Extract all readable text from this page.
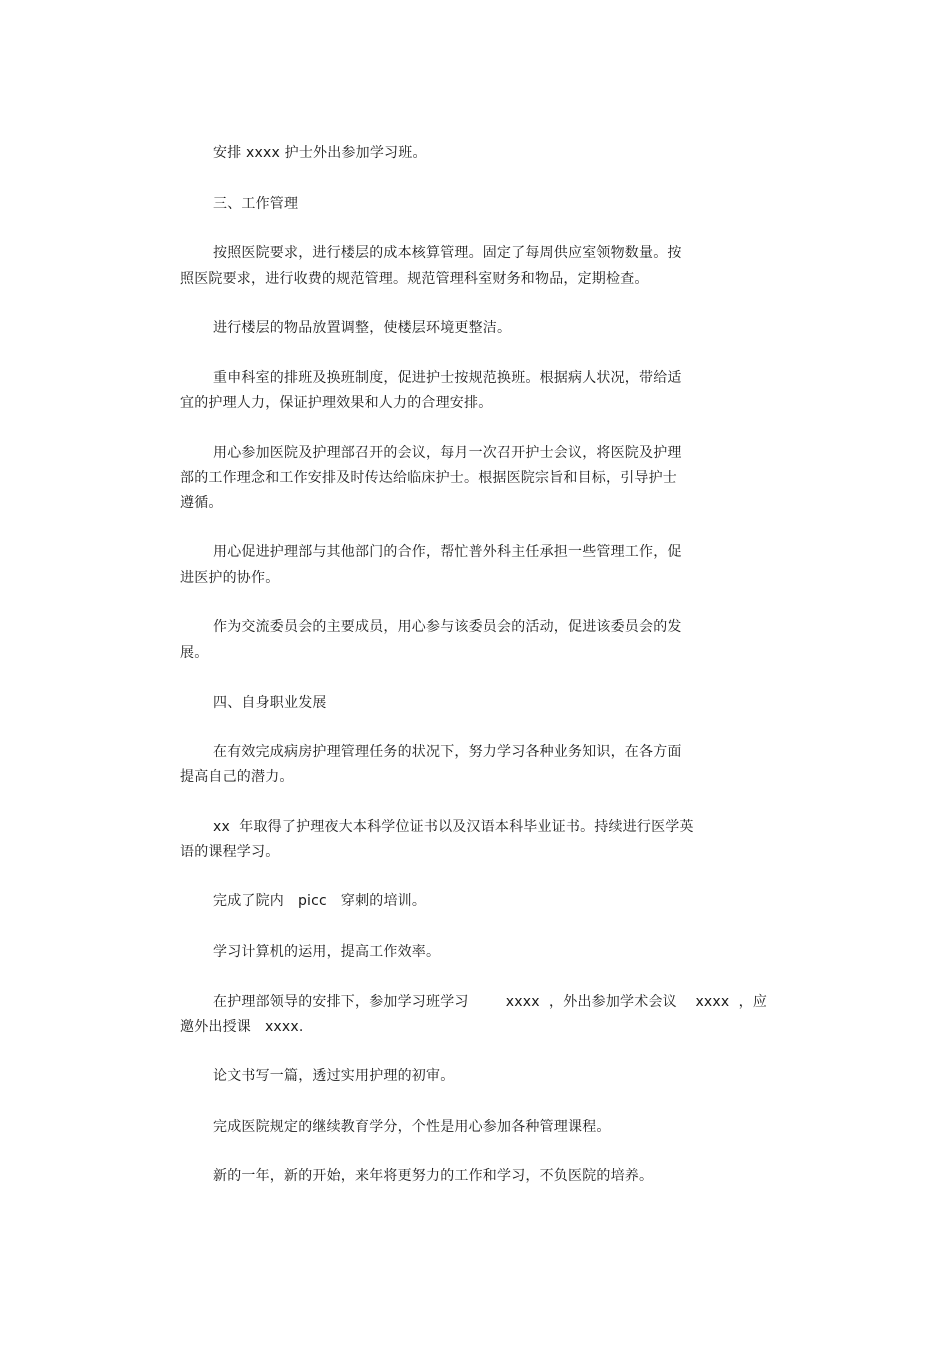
安排 xxxx 护士外出参加学习班。
三、工作管理
按照医院要求，进行楼层的成本核算管理。固定了每周供应室领物数量。按
照医院要求，进行收费的规范管理。规范管理科室财务和物品，定期检查。
进行楼层的物品放置调整，使楼层环境更整洁。
重申科室的排班及换班制度，促进护士按规范换班。根据病人状况，带给适
宜的护理人力，保证护理效果和人力的合理安排。
用心参加医院及护理部召开的会议，每月一次召开护士会议，将医院及护理
部的工作理念和工作安排及时传达给临床护士。根据医院宗旨和目标，引导护士
遵循。
用心促进护理部与其他部门的合作，帮忙普外科主任承担一些管理工作，促
进医护的协作。
作为交流委员会的主要成员，用心参与该委员会的活动，促进该委员会的发
展。
四、自身职业发展
在有效完成病房护理管理任务的状况下，努力学习各种业务知识，在各方面
提高自己的潜力。
xx  年取得了护理夜大本科学位证书以及汉语本科毕业证书。持续进行医学英
语的课程学习。
完成了院内   picc   穿刺的培训。
学习计算机的运用，提高工作效率。
在护理部领导的安排下，参加学习班学习        xxxx  ，外出参加学术会议    xxxx  ，应
邀外出授课   xxxx.
论文书写一篇，透过实用护理的初审。
完成医院规定的继续教育学分，个性是用心参加各种管理课程。
新的一年，新的开始，来年将更努力的工作和学习，不负医院的培养。
